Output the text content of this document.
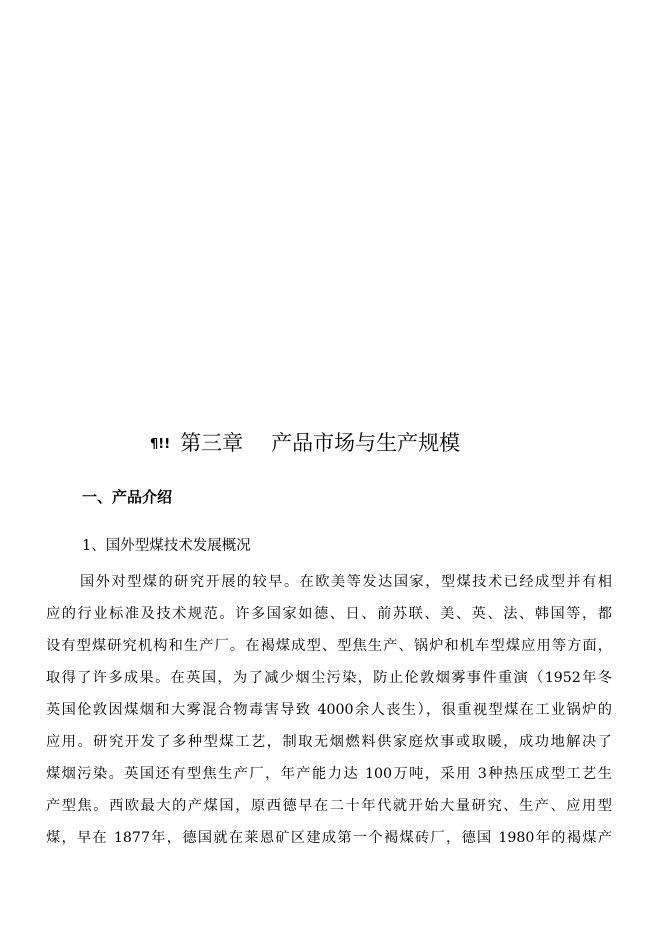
¶!! 第三章 产品市场与生产规模
一、产品介绍
1、国外型煤技术发展概况
国外对型煤的研究开展的较早。在欧美等发达国家，型煤技术已经成型并有相
应的行业标准及技术规范。许多国家如德、日、前苏联、美、英、法、韩国等，都
设有型煤研究机构和生产厂。在褐煤成型、型焦生产、锅炉和机车型煤应用等方面，
取得了许多成果。在英国，为了减少烟尘污染，防止伦敦烟雾事件重演（1952年冬
英国伦敦因煤烟和大雾混合物毒害导致 4000余人丧生），很重视型煤在工业锅炉的
应用。研究开发了多种型煤工艺，制取无烟燃料供家庭炊事或取暖，成功地解决了
煤烟污染。英国还有型焦生产厂，年产能力达 100万吨，采用 3种热压成型工艺生
产型焦。西欧最大的产煤国，原西德早在二十年代就开始大量研究、生产、应用型
煤，早在 1877年，德国就在莱恩矿区建成第一个褐煤砖厂，德国 1980年的褐煤产
